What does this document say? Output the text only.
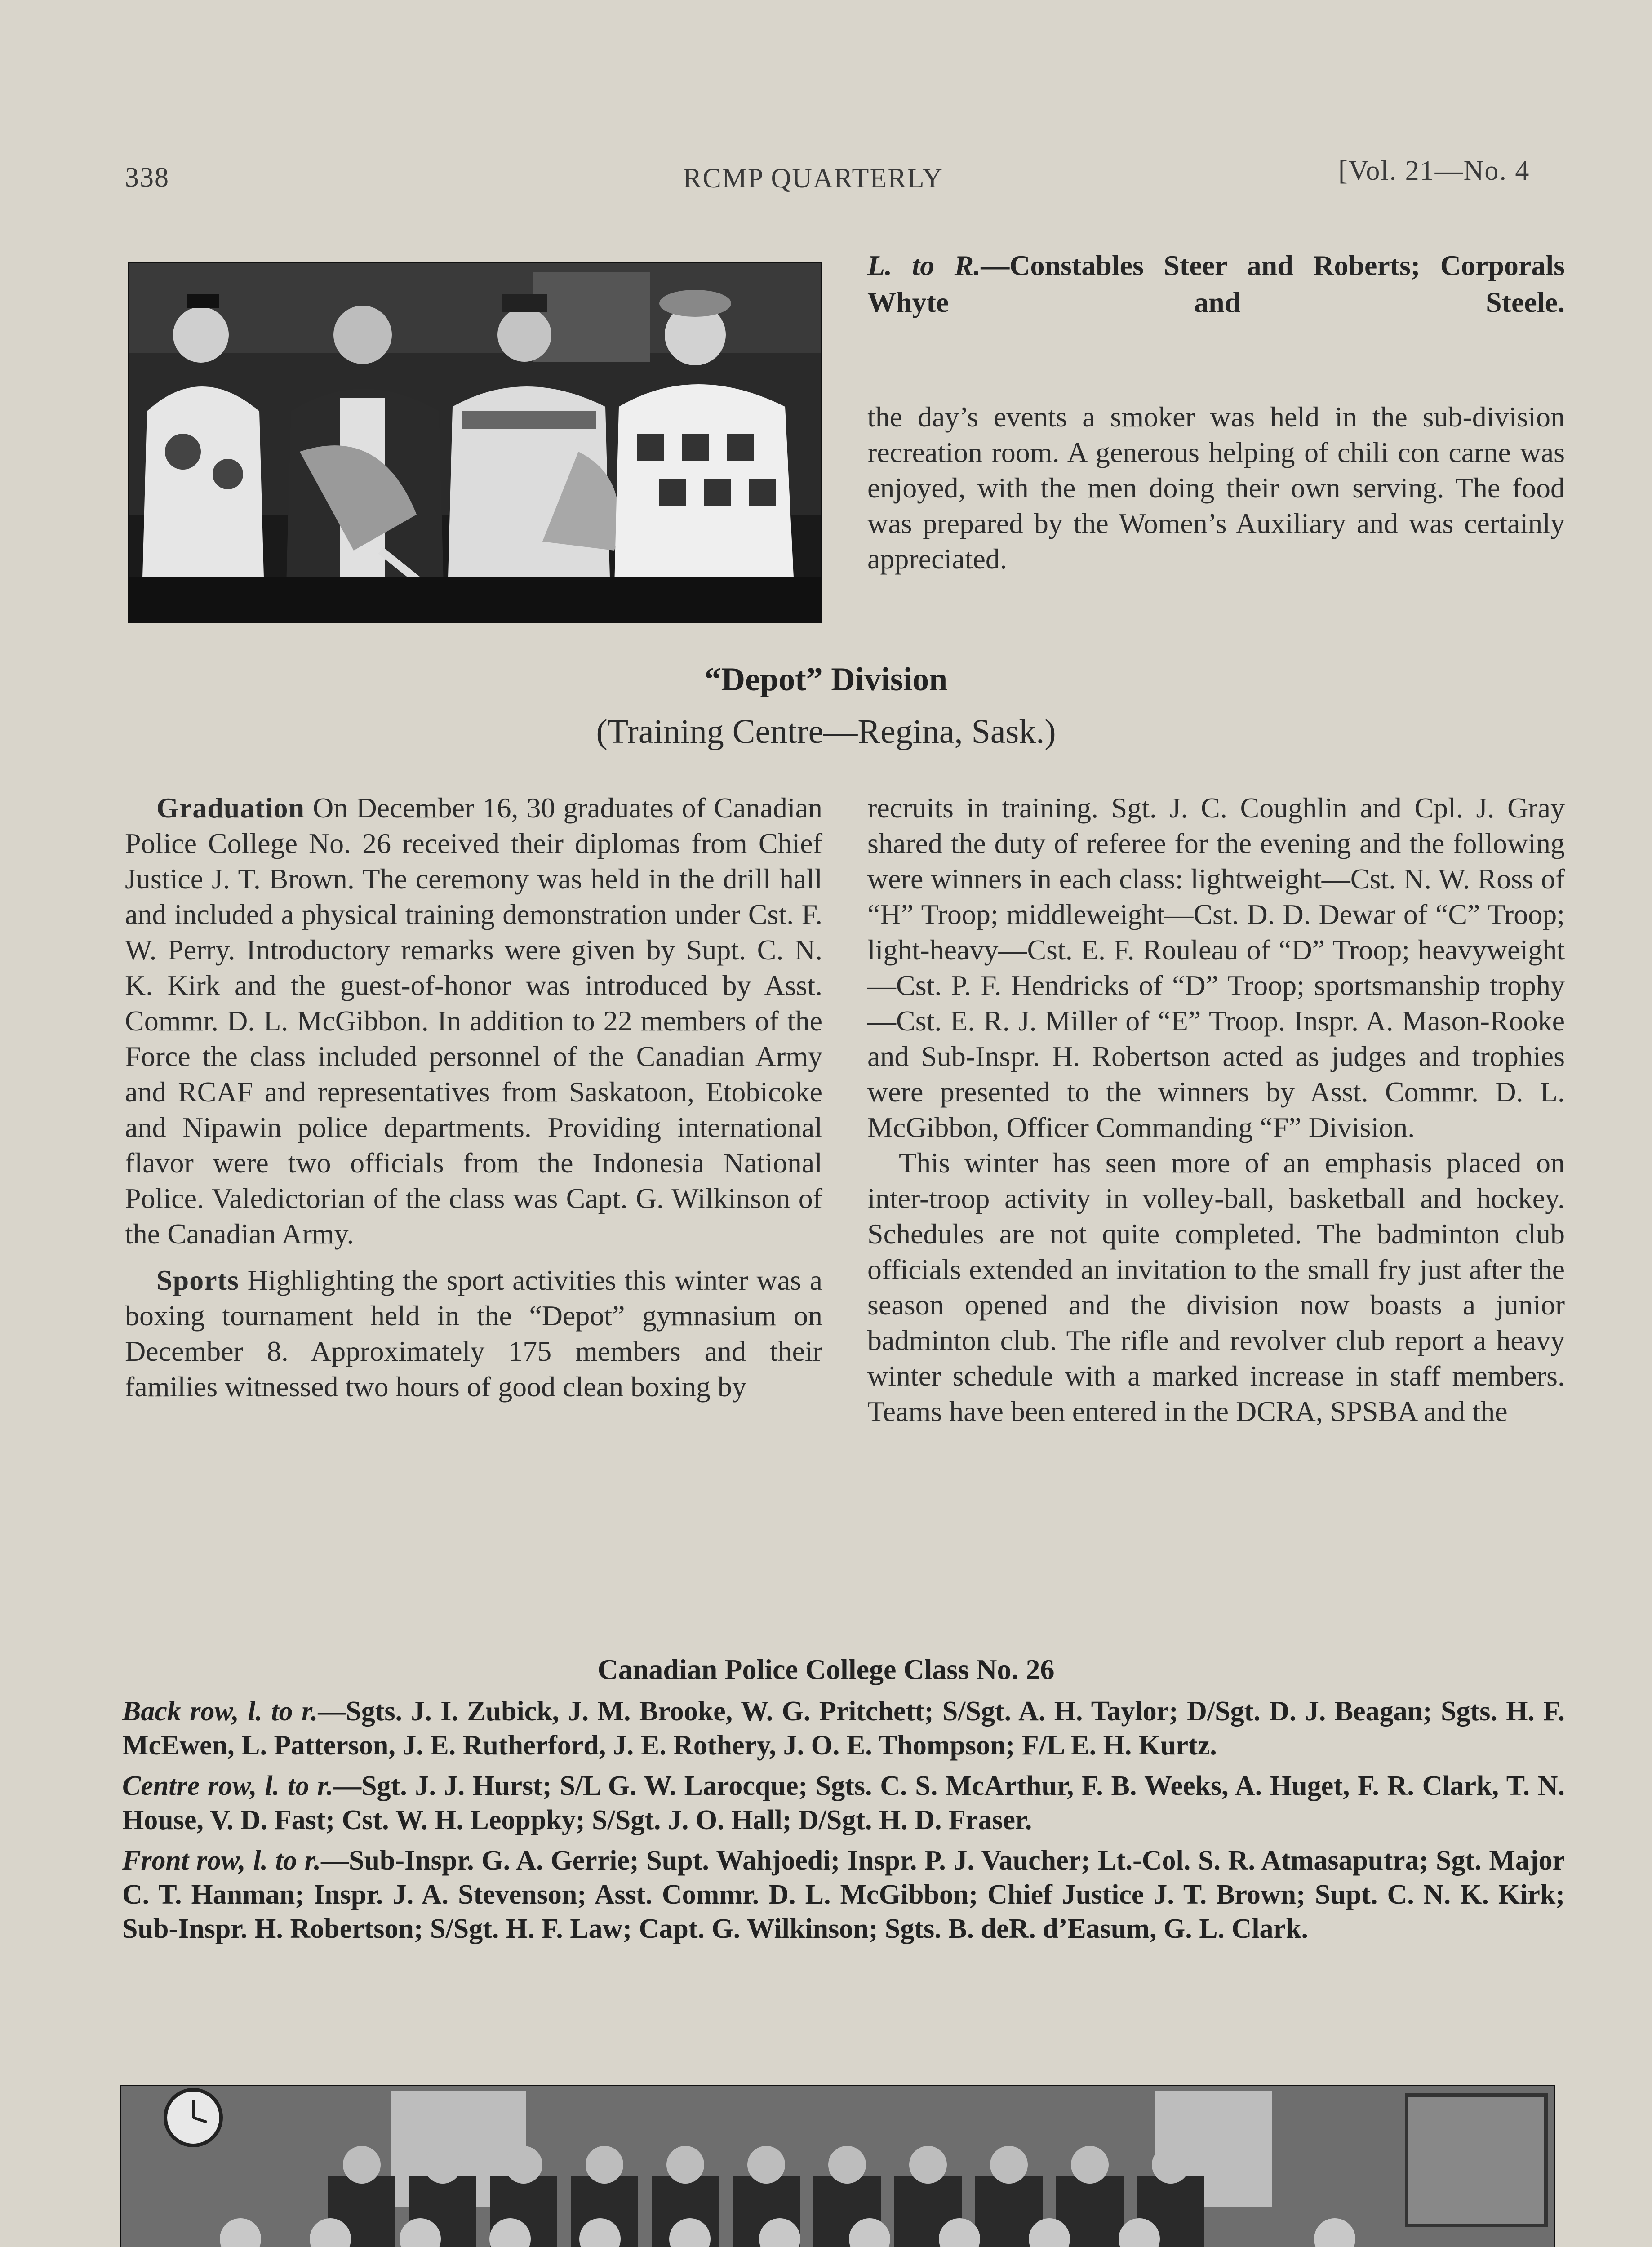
338	RCMP QUARTERLY	[Vol. 21—No. 4
L. to R.—Constables Steer and Roberts; Corporals Whyte and Steele.
the day’s events a smoker was held in the sub-division recreation room. A generous helping of chili con carne was enjoyed, with the men doing their own serving. The food was prepared by the Women’s Auxiliary and was certainly appreciated.
“Depot” Division
(Training Centre—Regina, Sask.)

Graduation On December 16, 30 graduates of Canadian Police College No. 26 received their diplomas from Chief Justice J. T. Brown. The ceremony was held in the drill hall and included a physical training demonstration under Cst. F. W. Perry. Introductory remarks were given by Supt. C. N. K. Kirk and the guest-of-honor was introduced by Asst. Commr. D. L. McGibbon. In addition to 22 members of the Force the class included personnel of the Canadian Army and RCAF and representatives from Saskatoon, Etobicoke and Nipawin police departments. Providing international flavor were two officials from the Indonesia National Police. Valedictorian of the class was Capt. G. Wilkinson of the Canadian Army.

Sports Highlighting the sport activities this winter was a boxing tournament held in the “Depot” gymnasium on December 8. Approximately 175 members and their families witnessed two hours of good clean boxing by

recruits in training. Sgt. J. C. Coughlin and Cpl. J. Gray shared the duty of referee for the evening and the following were winners in each class: lightweight—Cst. N. W. Ross of “H” Troop; middleweight—Cst. D. D. Dewar of “C” Troop; light-heavy—Cst. E. F. Rouleau of “D” Troop; heavyweight—Cst. P. F. Hendricks of “D” Troop; sportsmanship trophy—Cst. E. R. J. Miller of “E” Troop. Inspr. A. Mason-Rooke and Sub-Inspr. H. Robertson acted as judges and trophies were presented to the winners by Asst. Commr. D. L. McGibbon, Officer Commanding “F” Division.

This winter has seen more of an emphasis placed on inter-troop activity in volley-ball, basketball and hockey. Schedules are not quite completed. The badminton club officials extended an invitation to the small fry just after the season opened and the division now boasts a junior badminton club. The rifle and revolver club report a heavy winter schedule with a marked increase in staff members. Teams have been entered in the DCRA, SPSBA and the

Canadian Police College Class No. 26

Back row, l. to r.—Sgts. J. I. Zubick, J. M. Brooke, W. G. Pritchett; S/Sgt. A. H. Taylor; D/Sgt. D. J. Beagan; Sgts. H. F. McEwen, L. Patterson, J. E. Rutherford, J. E. Rothery, J. O. E. Thompson; F/L E. H. Kurtz.

Centre row, l. to r.—Sgt. J. J. Hurst; S/L G. W. Larocque; Sgts. C. S. McArthur, F. B. Weeks, A. Huget, F. R. Clark, T. N. House, V. D. Fast; Cst. W. H. Leoppky; S/Sgt. J. O. Hall; D/Sgt. H. D. Fraser.

Front row, l. to r.—Sub-Inspr. G. A. Gerrie; Supt. Wahjoedi; Inspr. P. J. Vaucher; Lt.-Col. S. R. Atmasaputra; Sgt. Major C. T. Hanman; Inspr. J. A. Stevenson; Asst. Commr. D. L. McGibbon; Chief Justice J. T. Brown; Supt. C. N. K. Kirk; Sub-Inspr. H. Robertson; S/Sgt. H. F. Law; Capt. G. Wilkinson; Sgts. B. deR. d’Easum, G. L. Clark.
